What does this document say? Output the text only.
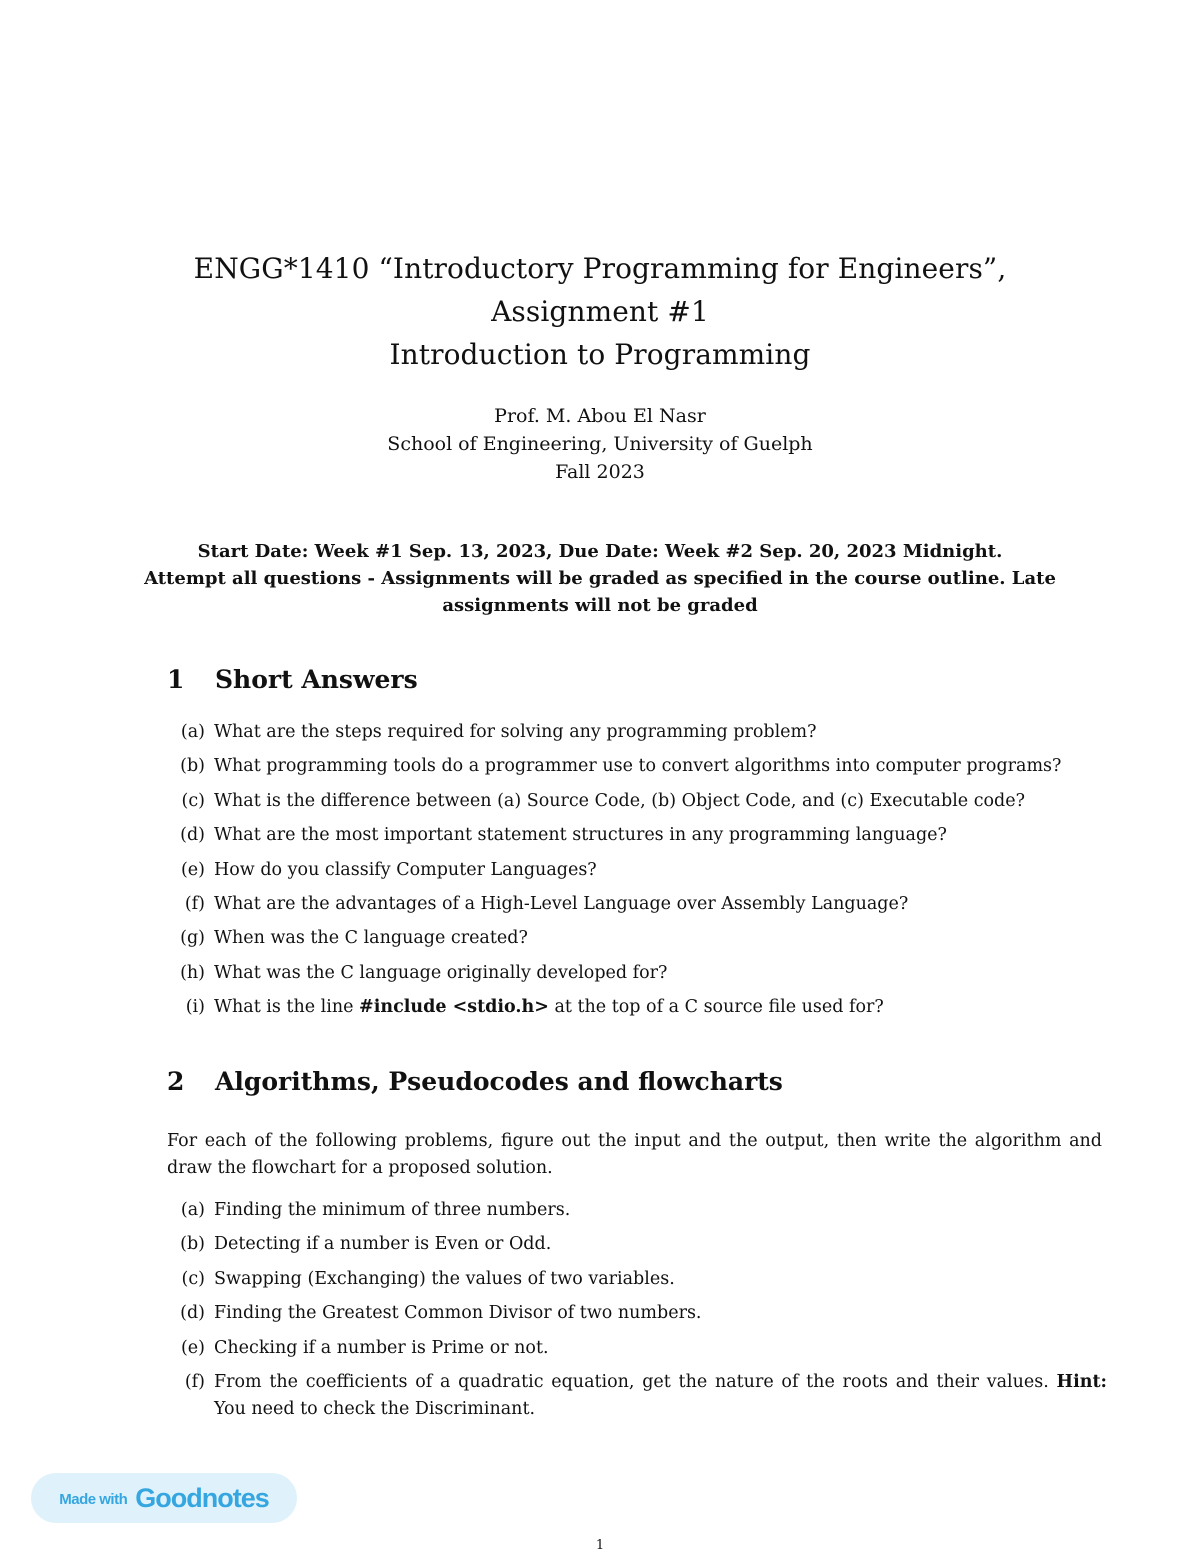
ENGG*1410 “Introductory Programming for Engineers”,
Assignment #1
Introduction to Programming
Prof. M. Abou El Nasr
School of Engineering, University of Guelph
Fall 2023
Start Date: Week #1 Sep. 13, 2023, Due Date: Week #2 Sep. 20, 2023 Midnight.
Attempt all questions - Assignments will be graded as specified in the course outline. Late assignments will not be graded
1 Short Answers
(a) What are the steps required for solving any programming problem?
(b) What programming tools do a programmer use to convert algorithms into computer programs?
(c) What is the difference between (a) Source Code, (b) Object Code, and (c) Executable code?
(d) What are the most important statement structures in any programming language?
(e) How do you classify Computer Languages?
(f) What are the advantages of a High-Level Language over Assembly Language?
(g) When was the C language created?
(h) What was the C language originally developed for?
(i) What is the line #include <stdio.h> at the top of a C source file used for?
2 Algorithms, Pseudocodes and flowcharts
For each of the following problems, figure out the input and the output, then write the algorithm and draw the flowchart for a proposed solution.
(a) Finding the minimum of three numbers.
(b) Detecting if a number is Even or Odd.
(c) Swapping (Exchanging) the values of two variables.
(d) Finding the Greatest Common Divisor of two numbers.
(e) Checking if a number is Prime or not.
(f) From the coefficients of a quadratic equation, get the nature of the roots and their values. Hint: You need to check the Discriminant.
Made with Goodnotes
1
